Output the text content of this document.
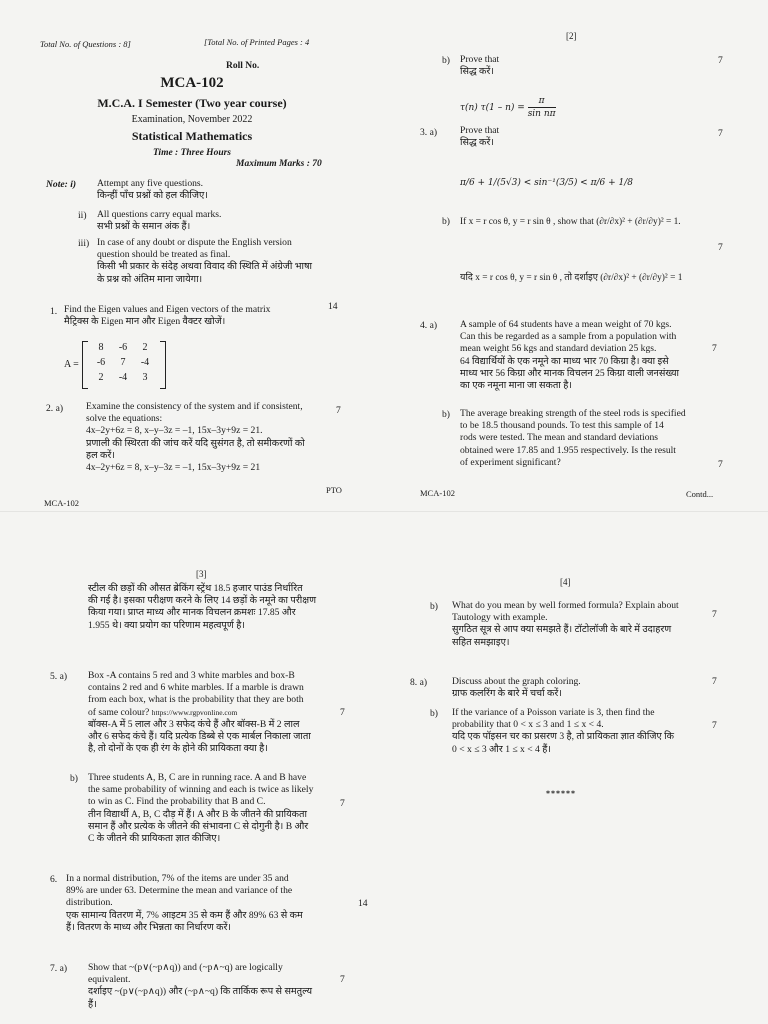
Total No. of Questions : 8]	[Total No. of Printed Pages : 4
Roll No.
MCA-102
M.C.A. I Semester (Two year course)
Examination, November 2022
Statistical Mathematics
Time : Three Hours
Maximum Marks : 70
Note: i) Attempt any five questions.
किन्हीं पाँच प्रश्नों को हल कीजिए।
ii) All questions carry equal marks.
सभी प्रश्नों के समान अंक हैं।
iii) In case of any doubt or dispute the English version
question should be treated as final.
किसी भी प्रकार के संदेह अथवा विवाद की स्थिति में अंग्रेजी भाषा
के प्रश्न को अंतिम माना जायेगा।
1. Find the Eigen values and Eigen vectors of the matrix
मैट्रिक्स के Eigen मान और Eigen वैक्टर खोजें।
14
A =
8	-6	2
-6	7	-4
2	-4	3
2. a) Examine the consistency of the system and if consistent,
solve the equations:
4x–2y+6z = 8, x–y–3z = –1, 15x–3y+9z = 21.
प्रणाली की स्थिरता की जांच करें यदि सुसंगत है, तो समीकरणों को
हल करें।
4x–2y+6z = 8, x–y–3z = –1, 15x–3y+9z = 21
7
PTO
MCA-102
[2]
b) Prove that
सिद्ध करें।
7
τ(n) $\tau(1 - n) = \frac{\pi}{\text{sin nπ}}$
3. a) Prove that
सिद्ध करें।
7
π/6 + 1/(5√3) < sin⁻¹(3/5) < π/6 + 1/8
b) If x = r cos θ, y = r sin θ , show that (∂r/∂x)² + (∂r/∂y)² = 1.
7
यदि x = r cos θ, y = r sin θ , तो दर्शाइए (∂r/∂x)² + (∂r/∂y)² = 1
4. a) A sample of 64 students have a mean weight of 70 kgs.
Can this be regarded as a sample from a population with
mean weight 56 kgs and standard deviation 25 kgs.
64 विद्यार्थियों के एक नमूने का माध्य भार 70 किग्रा है। क्या इसे
माध्य भार 56 किग्रा और मानक विचलन 25 किग्रा वाली जनसंख्या
का एक नमूना माना जा सकता है।
7
b) The average breaking strength of the steel rods is specified
to be 18.5 thousand pounds. To test this sample of 14
rods were tested. The mean and standard deviations
obtained were 17.85 and 1.955 respectively. Is the result
of experiment significant?	7
MCA-102	Contd...
[3]
स्टील की छड़ों की औसत ब्रेकिंग स्ट्रेंथ 18.5 हजार पाउंड निर्धारित
की गई है। इसका परीक्षण करने के लिए 14 छड़ों के नमूने का परीक्षण
किया गया। प्राप्त माध्य और मानक विचलन क्रमशः 17.85 और
1.955 थे। क्या प्रयोग का परिणाम महत्वपूर्ण है।
5. a) Box -A contains 5 red and 3 white marbles and box-B
contains 2 red and 6 white marbles. If a marble is drawn
from each box, what is the probability that they are both
of same colour? https://www.rgpvonline.com
बॉक्स-A में 5 लाल और 3 सफेद कंचे हैं और बॉक्स-B में 2 लाल
और 6 सफेद कंचे हैं। यदि प्रत्येक डिब्बे से एक मार्बल निकाला जाता
है, तो दोनों के एक ही रंग के होने की प्रायिकता क्या है।
7
b) Three students A, B, C are in running race. A and B have
the same probability of winning and each is twice as likely
to win as C. Find the probability that B and C.
तीन विद्यार्थी A, B, C दौड़ में हैं। A और B के जीतने की प्रायिकता
समान हैं और प्रत्येक के जीतने की संभावना C से दोगुनी है। B और
C के जीतने की प्रायिकता ज्ञात कीजिए।
7
6. In a normal distribution, 7% of the items are under 35 and
89% are under 63. Determine the mean and variance of the
distribution.
एक सामान्य वितरण में, 7% आइटम 35 से कम हैं और 89% 63 से कम
हैं। वितरण के माध्य और भिन्नता का निर्धारण करें।
14
7. a) Show that ~(p∨(~p∧q)) and (~p∧~q) are logically
equivalent.
दर्शाइए ~(p∨(~p∧q)) और (~p∧~q) कि तार्किक रूप से समतुल्य
हैं।
7
[4]
b) What do you mean by well formed formula? Explain about
Tautology with example.
सुगठित सूत्र से आप क्या समझते हैं। टॉटोलॉजी के बारे में उदाहरण
सहित समझाइए।
7
8. a)	Discuss about the graph coloring.
ग्राफ कलरिंग के बारे में चर्चा करें।
7
b) If the variance of a Poisson variate is 3, then find the
probability that 0 < x ≤ 3 and 1 ≤ x < 4.
यदि एक पॉइसन चर का प्रसरण 3 है, तो प्रायिकता ज्ञात कीजिए कि
0 < x ≤ 3 और 1 ≤ x < 4 हैं।
7
******
